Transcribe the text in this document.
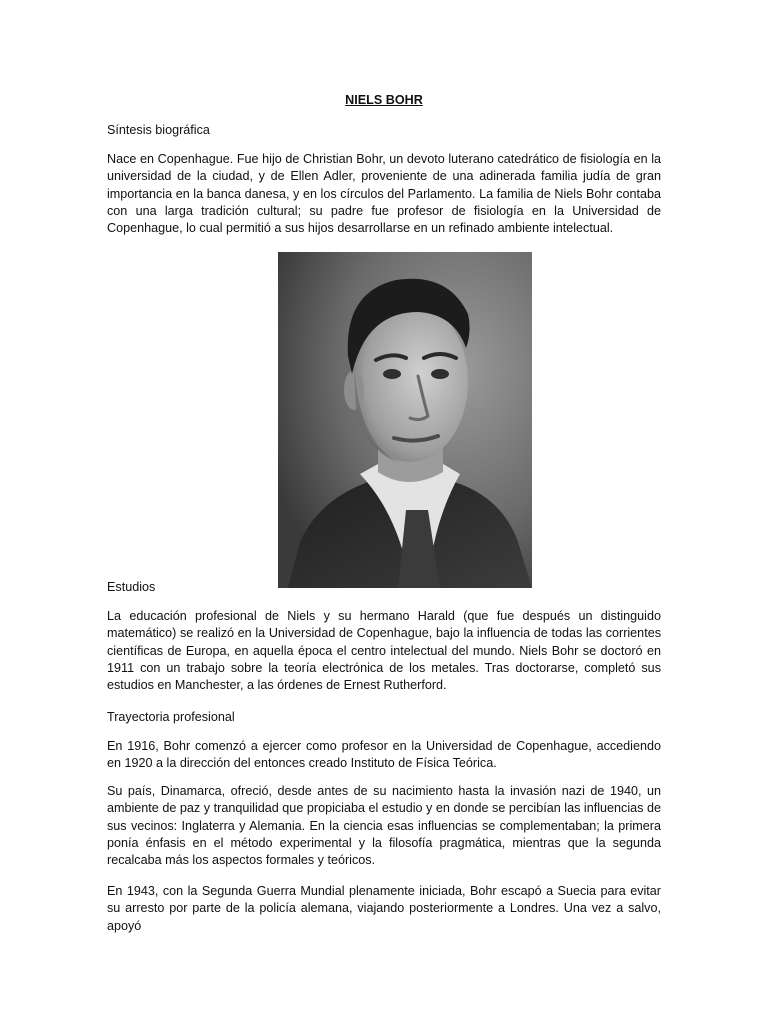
NIELS BOHR
Síntesis biográfica
Nace en Copenhague. Fue hijo de Christian Bohr, un devoto luterano catedrático de fisiología en la universidad de la ciudad, y de Ellen Adler, proveniente de una adinerada familia judía de gran importancia en la banca danesa, y en los círculos del Parlamento. La familia de Niels Bohr contaba con una larga tradición cultural; su padre fue profesor de fisiología en la Universidad de Copenhague, lo cual permitió a sus hijos desarrollarse en un refinado ambiente intelectual.
Estudios
La educación profesional de Niels y su hermano Harald (que fue después un distinguido matemático) se realizó en la Universidad de Copenhague, bajo la influencia de todas las corrientes científicas de Europa, en aquella época el centro intelectual del mundo. Niels Bohr se doctoró en 1911 con un trabajo sobre la teoría electrónica de los metales. Tras doctorarse, completó sus estudios en Manchester, a las órdenes de Ernest Rutherford.
Trayectoria profesional
En 1916, Bohr comenzó a ejercer como profesor en la Universidad de Copenhague, accediendo en 1920 a la dirección del entonces creado Instituto de Física Teórica.
Su país, Dinamarca, ofreció, desde antes de su nacimiento hasta la invasión nazi de 1940, un ambiente de paz y tranquilidad que propiciaba el estudio y en donde se percibían las influencias de sus vecinos: Inglaterra y Alemania. En la ciencia esas influencias se complementaban; la primera ponía énfasis en el método experimental y la filosofía pragmática, mientras que la segunda recalcaba más los aspectos formales y teóricos.
En 1943, con la Segunda Guerra Mundial plenamente iniciada, Bohr escapó a Suecia para evitar su arresto por parte de la policía alemana, viajando posteriormente a Londres. Una vez a salvo, apoyó
